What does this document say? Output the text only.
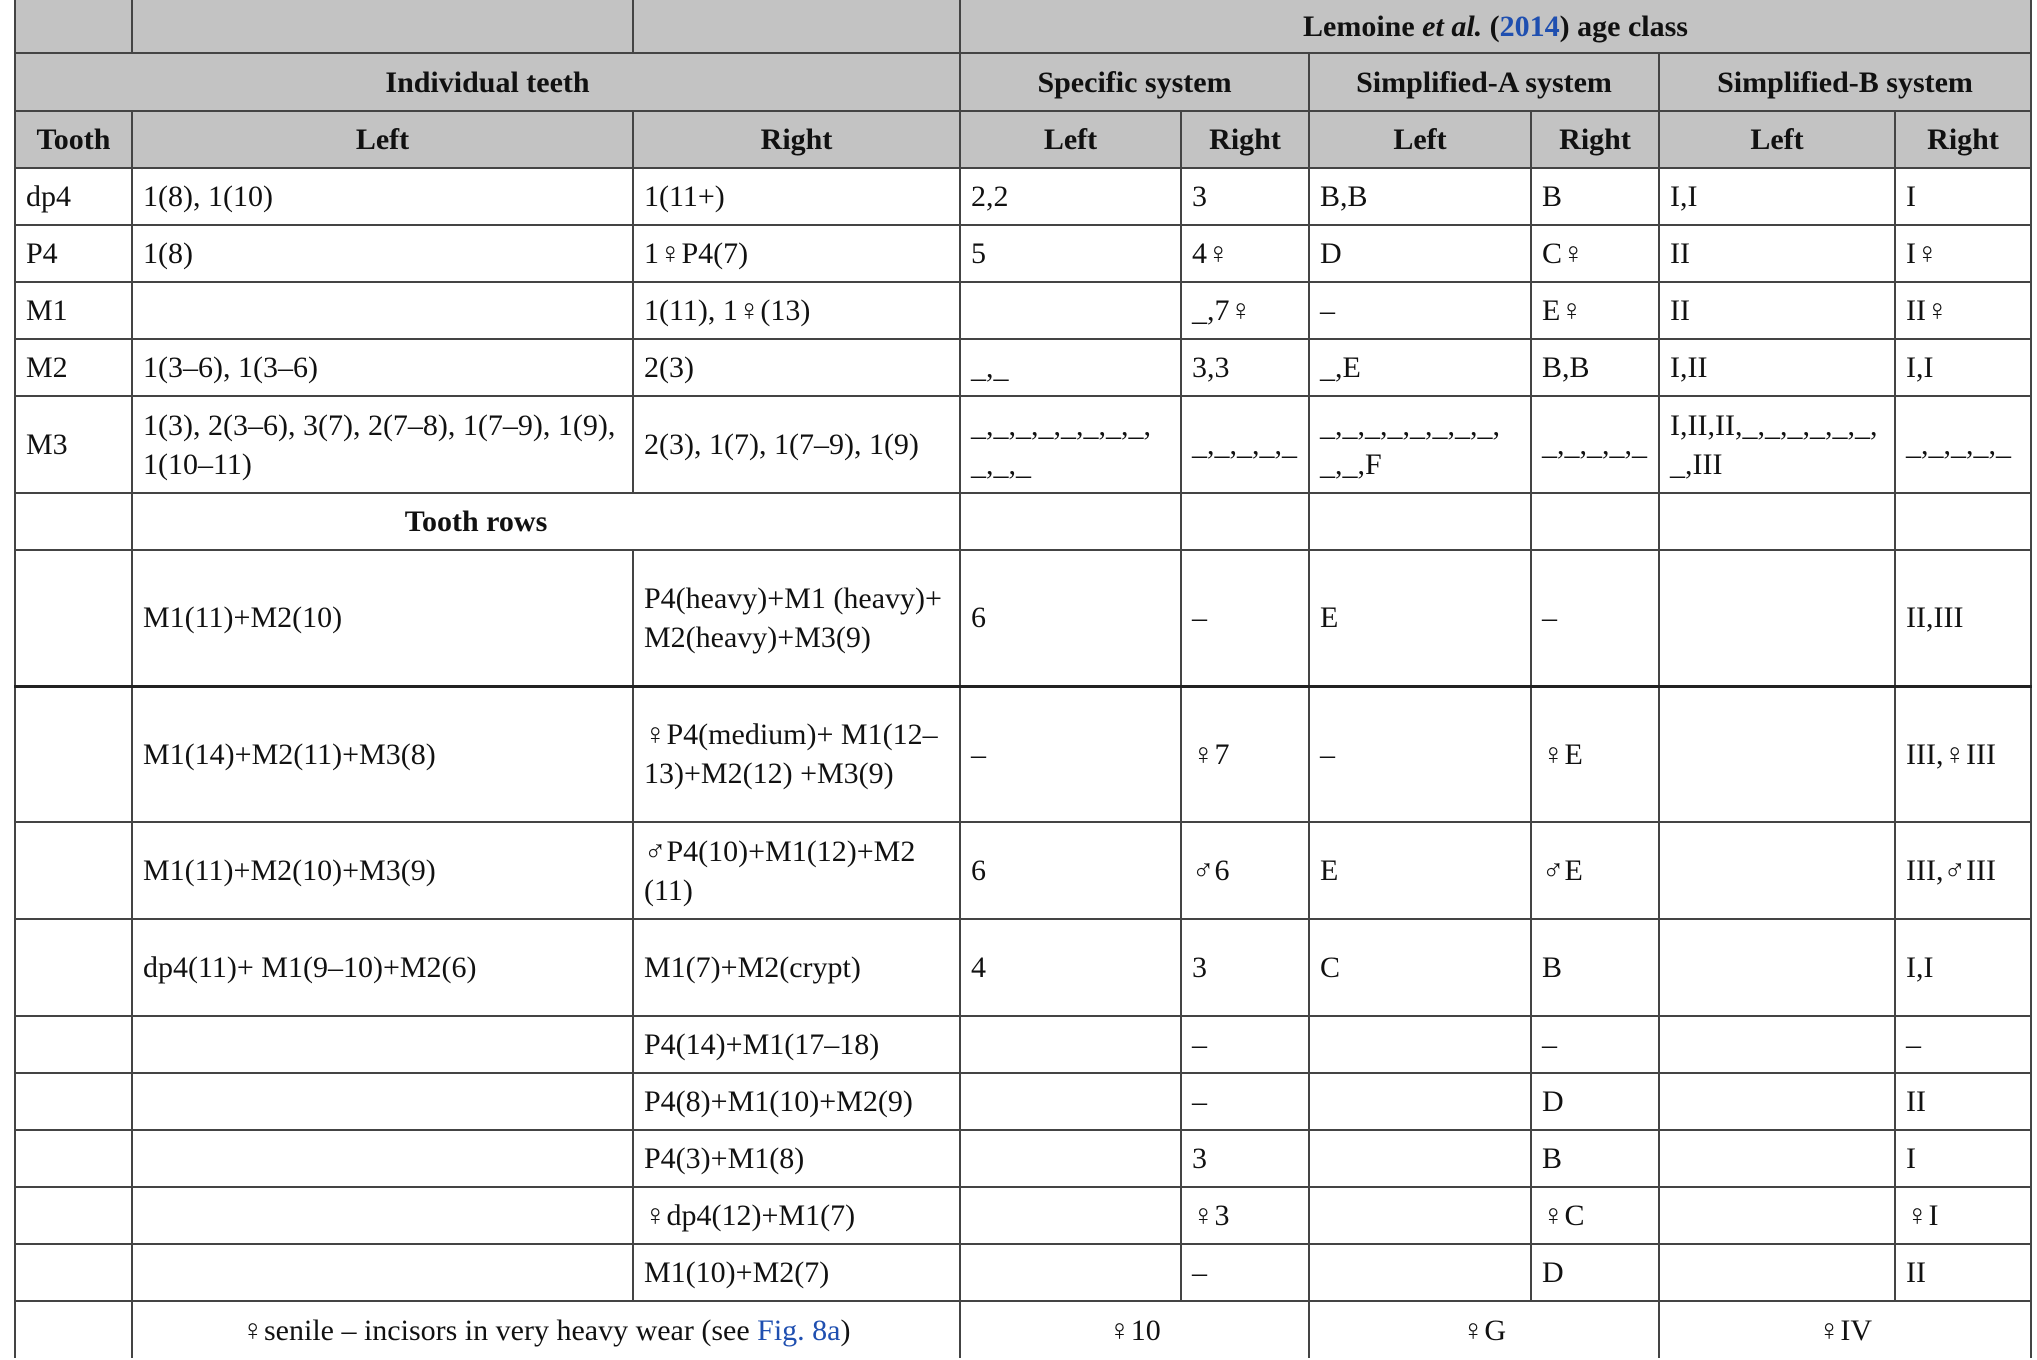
			Lemoine et al. (2014) age class					
Individual teeth			Specific system		Simplified-A system		Simplified-B system	
Tooth	Left	Right	Left	Right	Left	Right	Left	Right
dp4	1(8), 1(10)	1(11+)	2,2	3	B,B	B	I,I	I
P4	1(8)	1♀P4(7)	5	4♀	D	C♀	II	I♀
M1		1(11), 1♀(13)		_,7♀	–	E♀	II	II♀
M2	1(3–6), 1(3–6)	2(3)	_,_	3,3	_,E	B,B	I,II	I,I
M3	1(3), 2(3–6), 3(7), 2(7–8), 1(7–9), 1(9), 1(10–11)	2(3), 1(7), 1(7–9), 1(9)	_,_,_,_,_,_,_,_,_,_,_	_,_,_,_,_	_,_,_,_,_,_,_,_,_,_,F	_,_,_,_,_	I,II,II,_,_,_,_,_,_,_,III	_,_,_,_,_
	Tooth rows							
	M1(11)+M2(10)	P4(heavy)+M1 (heavy)+ M2(heavy)+M3(9)	6	–	E	–		II,III
	M1(14)+M2(11)+M3(8)	♀P4(medium)+ M1(12–13)+M2(12) +M3(9)	–	♀7	–	♀E		III,♀III
	M1(11)+M2(10)+M3(9)	♂P4(10)+M1(12)+M2 (11)	6	♂6	E	♂E		III,♂III
	dp4(11)+ M1(9–10)+M2(6)	M1(7)+M2(crypt)	4	3	C	B		I,I
		P4(14)+M1(17–18)		–		–		–
		P4(8)+M1(10)+M2(9)		–		D		II
		P4(3)+M1(8)		3		B		I
		♀dp4(12)+M1(7)		♀3		♀C		♀I
		M1(10)+M2(7)		–		D		II
	♀senile – incisors in very heavy wear (see Fig. 8a)		♀10		♀G		♀IV	
